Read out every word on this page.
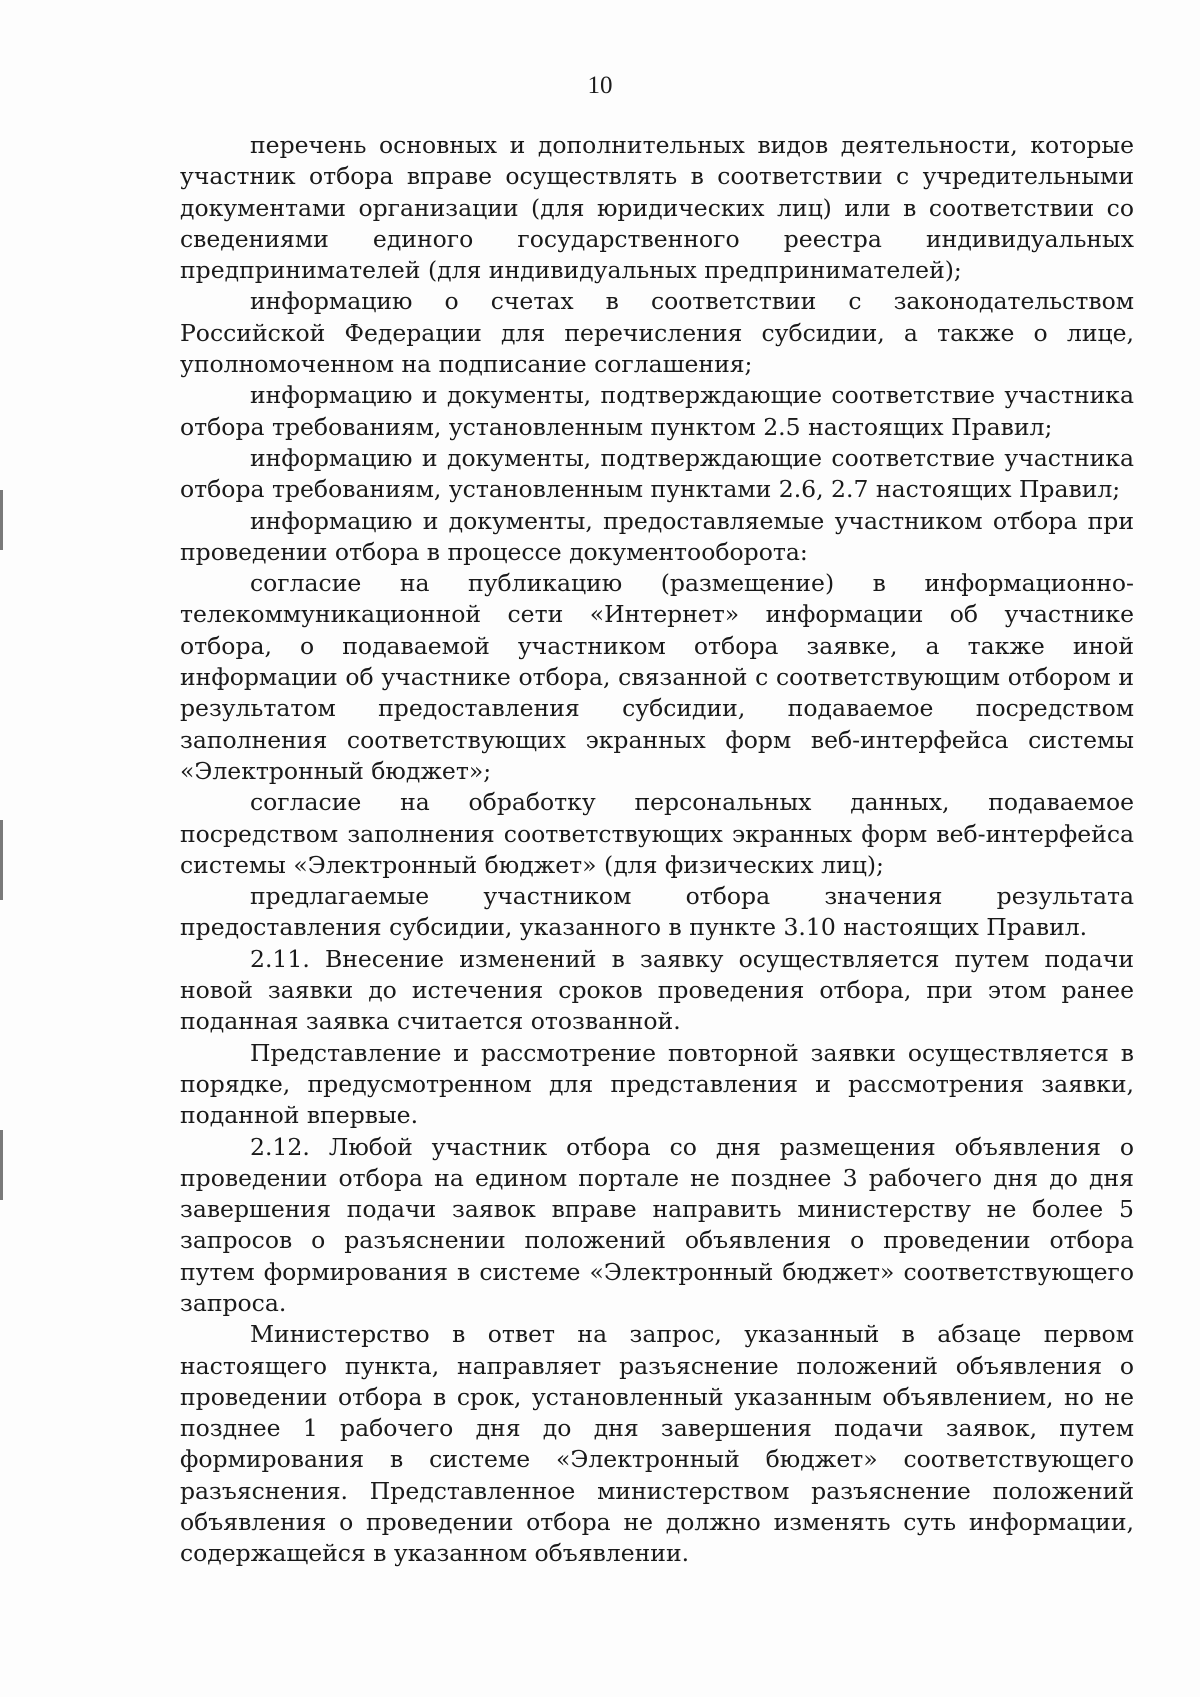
10

перечень основных и дополнительных видов деятельности, которые участник отбора вправе осуществлять в соответствии с учредительными документами организации (для юридических лиц) или в соответствии со сведениями единого государственного реестра индивидуальных предпринимателей (для индивидуальных предпринимателей);

информацию о счетах в соответствии с законодательством Российской Федерации для перечисления субсидии, а также о лице, уполномоченном на подписание соглашения;

информацию и документы, подтверждающие соответствие участника отбора требованиям, установленным пунктом 2.5 настоящих Правил;

информацию и документы, подтверждающие соответствие участника отбора требованиям, установленным пунктами 2.6, 2.7 настоящих Правил;

информацию и документы, предоставляемые участником отбора при проведении отбора в процессе документооборота:

согласие на публикацию (размещение) в информационно-телекоммуникационной сети «Интернет» информации об участнике отбора, о подаваемой участником отбора заявке, а также иной информации об участнике отбора, связанной с соответствующим отбором и результатом предоставления субсидии, подаваемое посредством заполнения соответствующих экранных форм веб-интерфейса системы «Электронный бюджет»;

согласие на обработку персональных данных, подаваемое посредством заполнения соответствующих экранных форм веб-интерфейса системы «Электронный бюджет» (для физических лиц);

предлагаемые участником отбора значения результата предоставления субсидии, указанного в пункте 3.10 настоящих Правил.

2.11. Внесение изменений в заявку осуществляется путем подачи новой заявки до истечения сроков проведения отбора, при этом ранее поданная заявка считается отозванной.

Представление и рассмотрение повторной заявки осуществляется в порядке, предусмотренном для представления и рассмотрения заявки, поданной впервые.

2.12. Любой участник отбора со дня размещения объявления о проведении отбора на едином портале не позднее 3 рабочего дня до дня завершения подачи заявок вправе направить министерству не более 5 запросов о разъяснении положений объявления о проведении отбора путем формирования в системе «Электронный бюджет» соответствующего запроса.

Министерство в ответ на запрос, указанный в абзаце первом настоящего пункта, направляет разъяснение положений объявления о проведении отбора в срок, установленный указанным объявлением, но не позднее 1 рабочего дня до дня завершения подачи заявок, путем формирования в системе «Электронный бюджет» соответствующего разъяснения. Представленное министерством разъяснение положений объявления о проведении отбора не должно изменять суть информации, содержащейся в указанном объявлении.
